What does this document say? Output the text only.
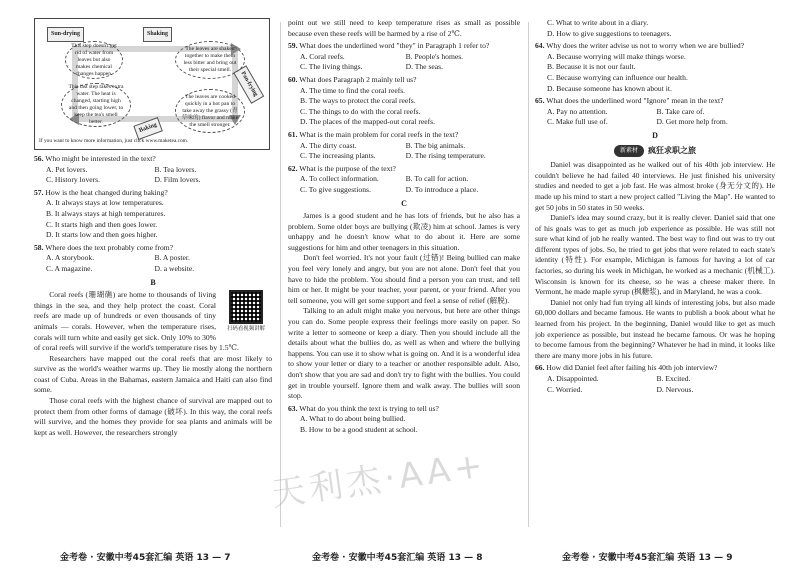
Sun-drying	Shaking
Pan-frying
Baking
This step doesn't get rid of water from leaves but also makes chemical changes happen.
The leaves are shaken together to make them less bitter and bring out their special smell.
The leaves are cooked quickly in a hot pan to take away the grassy (青草味的) flavor and make the smell stronger.
This last step takes extra water. The heat is changed, starting high and then going lower, to keep the tea's smell better.
If you want to know more information, just click www.maketea.com.

56. Who might be interested in the text?

A. Pet lovers.	B. Tea lovers.
C. History lovers.	D. Film lovers.

57. How is the heat changed during baking?

A. It always stays at low temperatures.
B. It always stays at high temperatures.
C. It starts high and then goes lower.
D. It starts low and then goes higher.

58. Where does the text probably come from?

A. A storybook.	B. A poster.
C. A magazine.	D. a website.
B
扫码看视频讲解

Coral reefs (珊瑚礁) are home to thousands of living things in the sea, and they help protect the coast. Coral reefs are made up of hundreds or even thousands of tiny animals — corals. However, when the temperature rises, corals will turn white and easily get sick. Only 10% to 30% of coral reefs will survive if the world's temperature rises by 1.5℃.

Researchers have mapped out the coral reefs that are most likely to survive as the world's weather warms up. They lie mostly along the northern coast of Cuba. Areas in the Bahamas, eastern Jamaica and Haiti can also find some.

Those coral reefs with the highest chance of survival are mapped out to protect them from other forms of damage (破坏). In this way, the coral reefs will survive, and the homes they provide for sea plants and animals will be kept as well. However, the researchers strongly

point out we still need to keep temperature rises as small as possible because even these reefs will be harmed by a rise of 2℃.

59. What does the underlined word "they" in Paragraph 1 refer to?

A. Coral reefs.	B. People's homes.
C. The living things.	D. The seas.

60. What does Paragraph 2 mainly tell us?

A. The time to find the coral reefs.
B. The ways to protect the coral reefs.
C. The things to do with the coral reefs.
D. The places of the mapped-out coral reefs.

61. What is the main problem for coral reefs in the text?

A. The dirty coast.	B. The big animals.
C. The increasing plants.	D. The rising temperature.

62. What is the purpose of the text?

A. To collect information.	B. To call for action.
C. To give suggestions.	D. To introduce a place.
C

James is a good student and he has lots of friends, but he also has a problem. Some older boys are bullying (欺凌) him at school. James is very unhappy and he doesn't know what to do about it. Here are some suggestions for him and other teenagers in this situation.

Don't feel worried. It's not your fault (过错)! Being bullied can make you feel very lonely and angry, but you are not alone. Don't feel that you have to hide the problem. You should find a person you can trust, and tell him or her. It might be your teacher, your parent, or your friend. After you tell someone, you will get some support and feel a sense of relief (解脱).

Talking to an adult might make you nervous, but here are other things you can do. Some people express their feelings more easily on paper. So write a letter to someone or keep a diary. Then you should include all the details about what the bullies do, as well as when and where the bullying happens. You can use it to show what is going on. And it is a wonderful idea to show your letter or diary to a teacher or another responsible adult. Also, don't show that you are sad and don't try to fight with the bullies. You could get in trouble yourself. Ignore them and walk away. The bullies will soon stop.

63. What do you think the text is trying to tell us?

A. What to do about being bullied.
B. How to be a good student at school.
C. What to write about in a diary.
D. How to give suggestions to teenagers.

64. Why does the writer advise us not to worry when we are bullied?

A. Because worrying will make things worse.
B. Because it is not our fault.
C. Because worrying can influence our health.
D. Because someone has known about it.

65. What does the underlined word "Ignore" mean in the text?

A. Pay no attention.	B. Take care of.
C. Make full use of.	D. Get more help from.
D
新素材	疯狂求职之旅

Daniel was disappointed as he walked out of his 40th job interview. He couldn't believe he had failed 40 interviews. He just finished his university studies and needed to get a job fast. He was almost broke (身无分文的). He made up his mind to start a new project called "Living the Map". He wanted to get 50 jobs in 50 states in 50 weeks.

Daniel's idea may sound crazy, but it is really clever. Daniel said that one of his goals was to get as much job experience as possible. He was still not sure what kind of job he really wanted. The best way to find out was to try out different types of jobs. So, he tried to get jobs that were related to each state's identity (特性). For example, Michigan is famous for having a lot of car factories, so during his week in Michigan, he worked as a mechanic (机械工). Wisconsin is known for its cheese, so he was a cheese maker there. In Vermont, he made maple syrup (枫糖浆), and in Maryland, he was a cook.

Daniel not only had fun trying all kinds of interesting jobs, but also made 60,000 dollars and became famous. He wants to publish a book about what he learned from his project. In the beginning, Daniel would like to get as much job experience as possible, but instead he became famous. Or was he hoping to become famous from the beginning? Whatever he had in mind, it looks like there are many more jobs in his future.

66. How did Daniel feel after failing his 40th job interview?

A. Disappointed.	B. Excited.
C. Worried.	D. Nervous.
天利杰·AA+
金考卷 · 安徽中考45套汇编 英语 13 — 7	金考卷 · 安徽中考45套汇编 英语 13 — 8	金考卷 · 安徽中考45套汇编 英语 13 — 9
